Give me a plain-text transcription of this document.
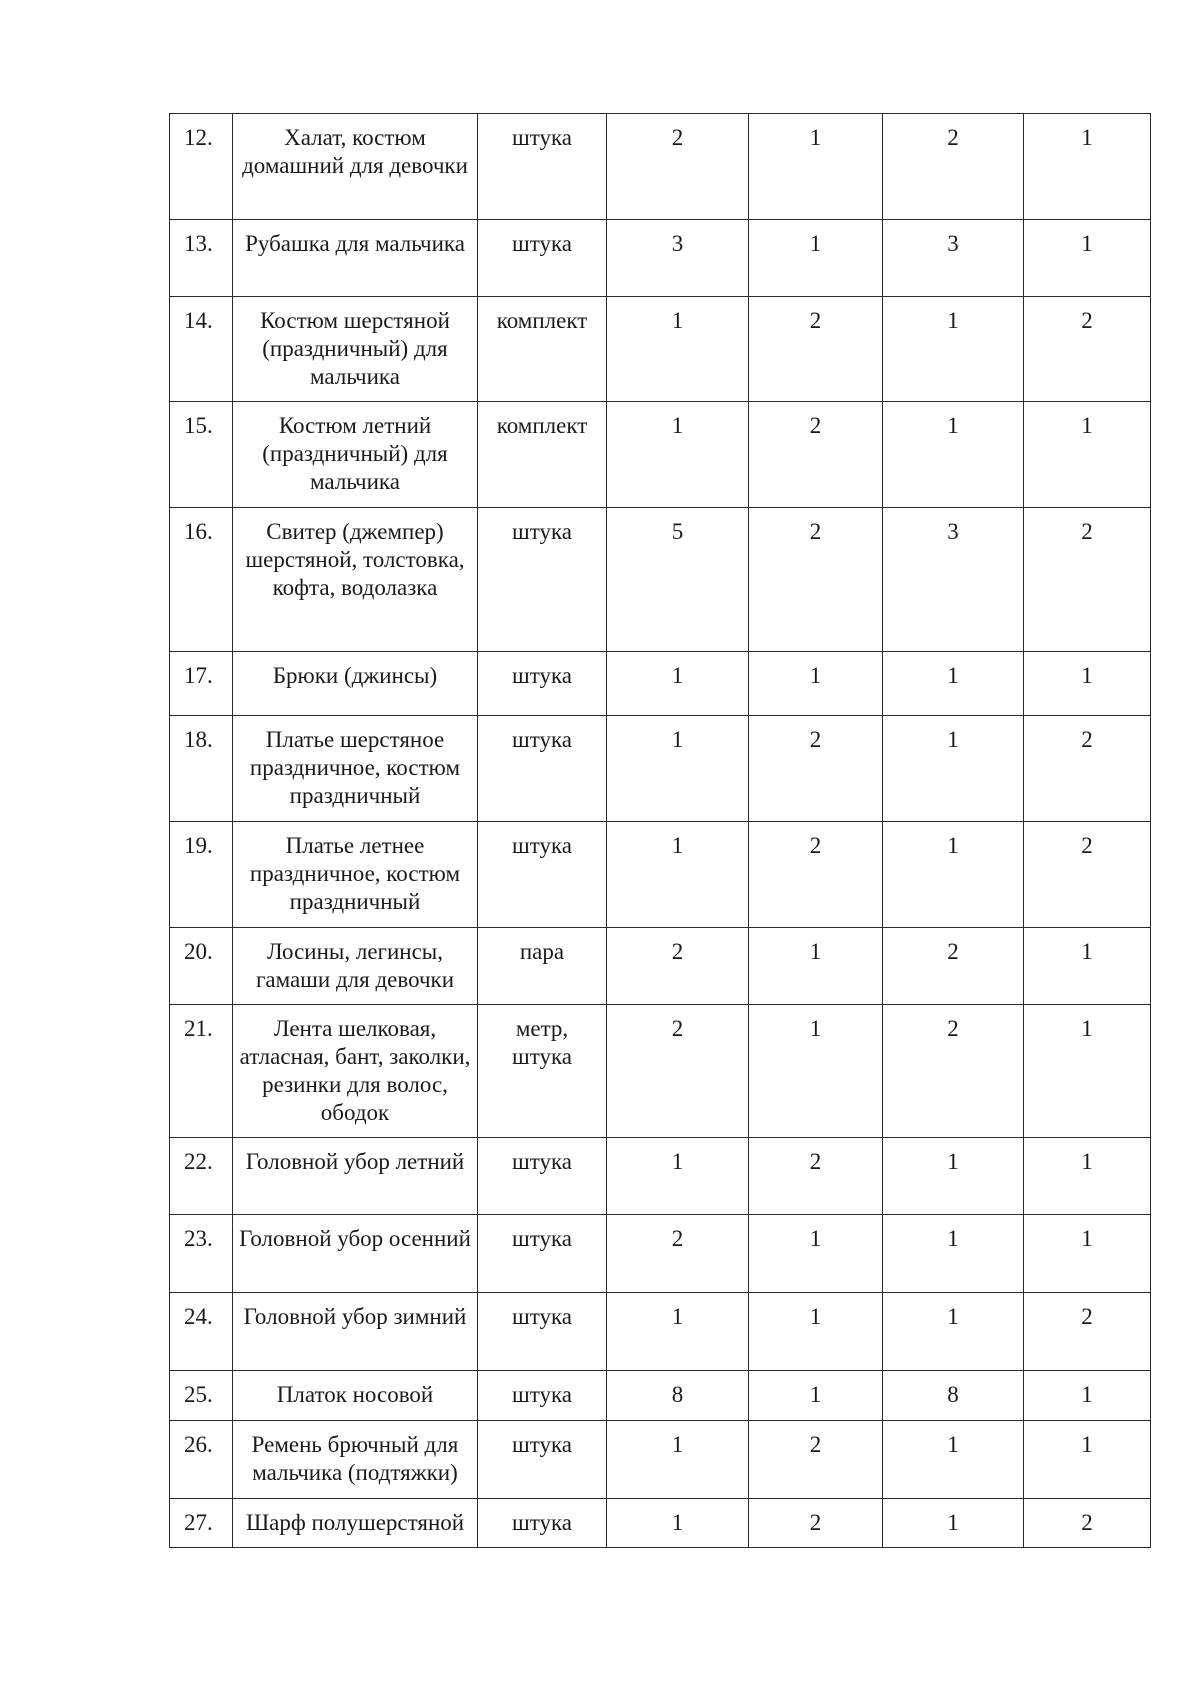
12.	Халат, костюм домашний для девочки	штука	2	1	2	1
13.	Рубашка для мальчика	штука	3	1	3	1
14.	Костюм шерстяной (праздничный) для мальчика	комплект	1	2	1	2
15.	Костюм летний (праздничный) для мальчика	комплект	1	2	1	1
16.	Свитер (джемпер) шерстяной, толстовка, кофта, водолазка	штука	5	2	3	2
17.	Брюки (джинсы)	штука	1	1	1	1
18.	Платье шерстяное праздничное, костюм праздничный	штука	1	2	1	2
19.	Платье летнее праздничное, костюм праздничный	штука	1	2	1	2
20.	Лосины, легинсы, гамаши для девочки	пара	2	1	2	1
21.	Лента шелковая, атласная, бант, заколки, резинки для волос, ободок	метр, штука	2	1	2	1
22.	Головной убор летний	штука	1	2	1	1
23.	Головной убор осенний	штука	2	1	1	1
24.	Головной убор зимний	штука	1	1	1	2
25.	Платок носовой	штука	8	1	8	1
26.	Ремень брючный для мальчика (подтяжки)	штука	1	2	1	1
27.	Шарф полушерстяной	штука	1	2	1	2
